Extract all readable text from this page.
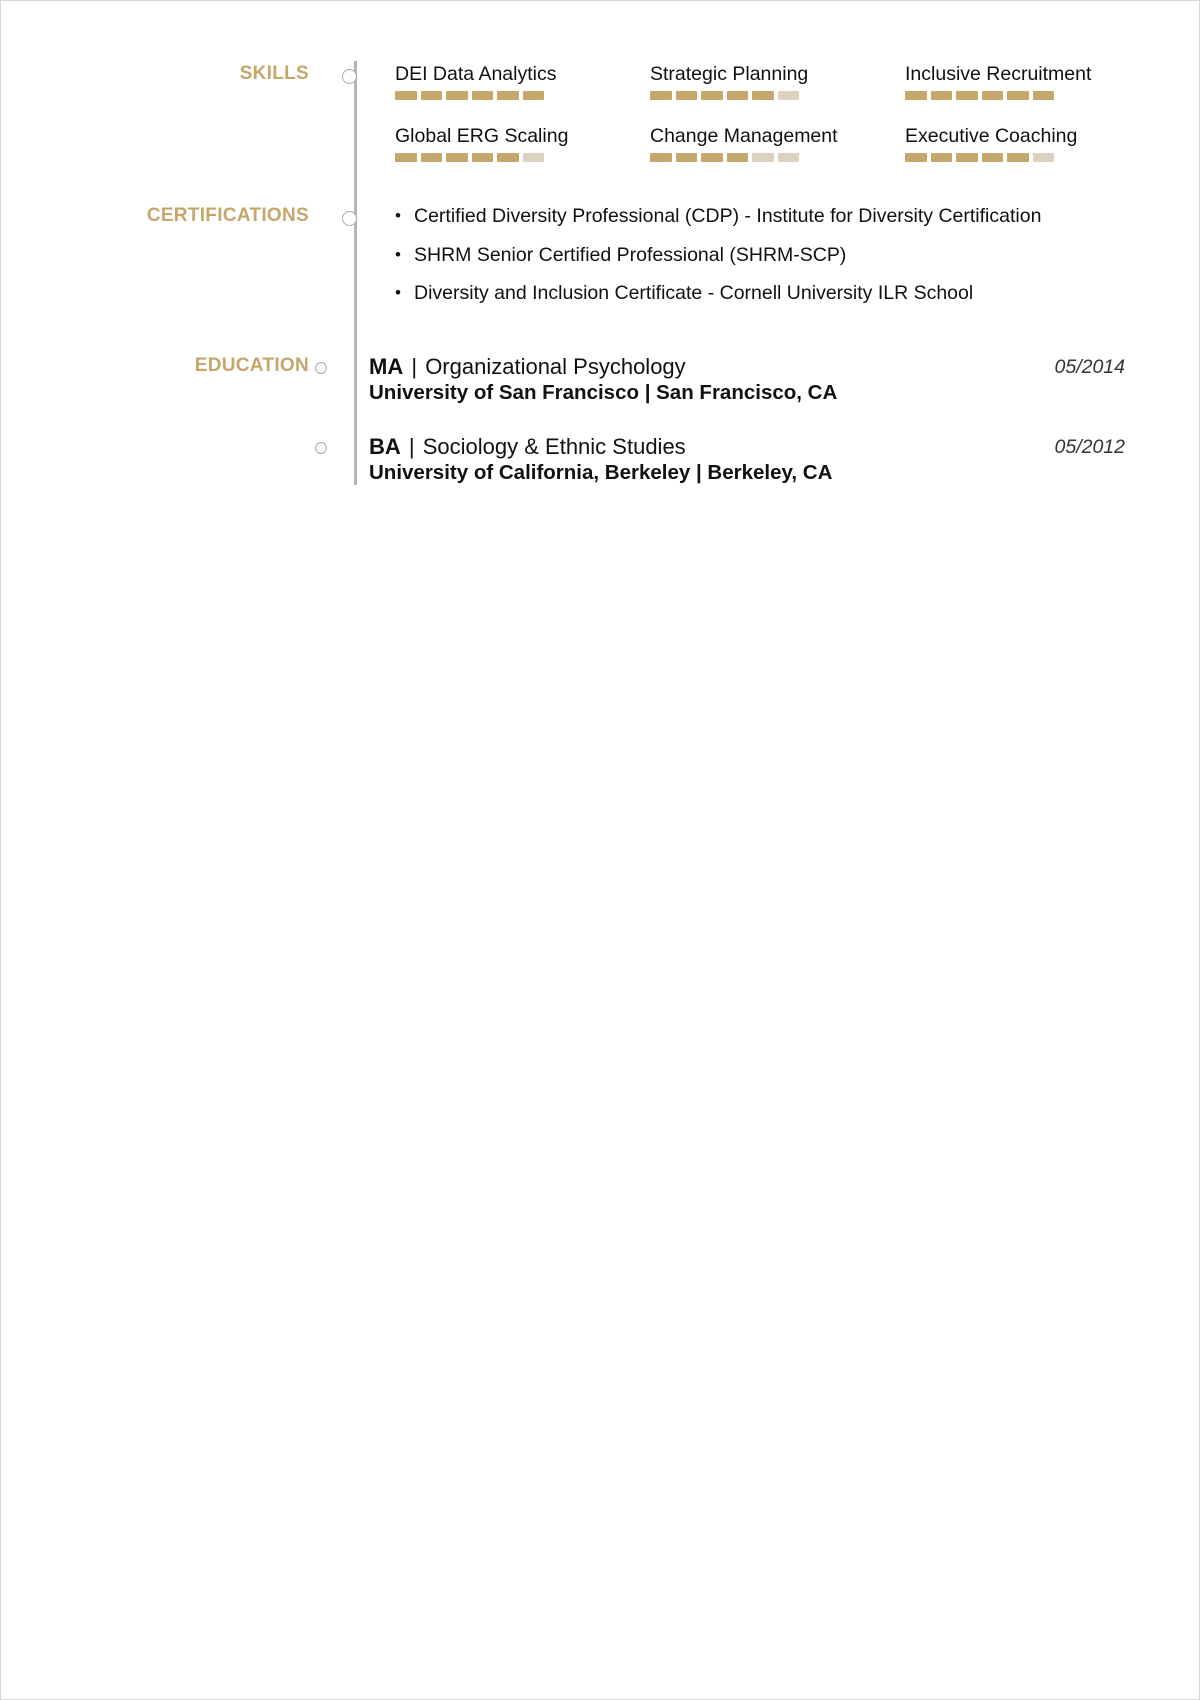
SKILLS	DEI Data Analytics	Strategic Planning	Inclusive Recruitment
Global ERG Scaling	Change Management	Executive Coaching
CERTIFICATIONS
•	Certified Diversity Professional (CDP) - Institute for Diversity Certification
• SHRM Senior Certified Professional (SHRM-SCP)
• Diversity and Inclusion Certificate - Cornell University ILR School
EDUCATION	MA | Organizational Psychology	05/2014
University of San Francisco | San Francisco, CA
BA | Sociology & Ethnic Studies	05/2012
University of California, Berkeley | Berkeley, CA
